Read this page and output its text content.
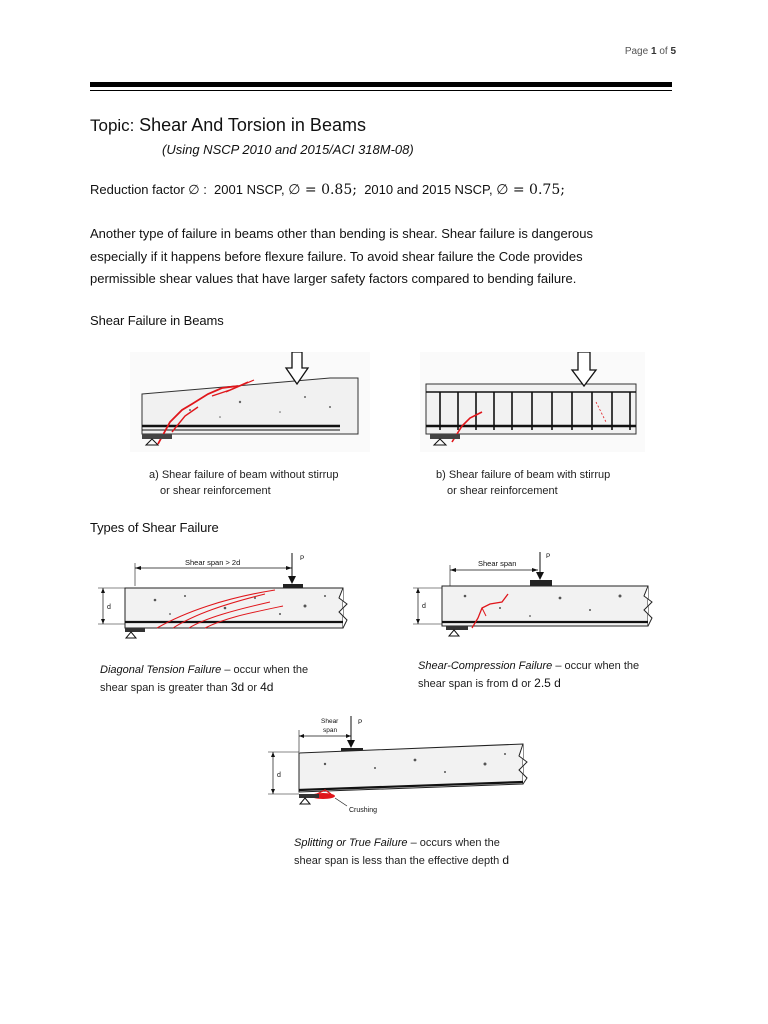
Page 1 of 5
Topic: Shear And Torsion in Beams
(Using NSCP 2010 and 2015/ACI 318M-08)
Reduction factor ∅ :  2001 NSCP, ∅ = 0.85;  2010 and 2015 NSCP, ∅ = 0.75;
Another type of failure in beams other than bending is shear. Shear failure is dangerous
especially if it happens before flexure failure. To avoid shear failure the Code provides
permissible shear values that have larger safety factors compared to bending failure.
Shear Failure in Beams
a) Shear failure of beam without stirrup
or shear reinforcement
b) Shear failure of beam with stirrup
or shear reinforcement
Types of Shear Failure
Shear span > 2d	P
d
Shear span
P
d
Diagonal Tension Failure – occur when the
shear span is greater than 3d or 4d
Shear-Compression Failure – occur when the
shear span is from d or 2.5 d
Shear
span
P
d
Crushing
Splitting or True Failure – occurs when the
shear span is less than the effective depth d
